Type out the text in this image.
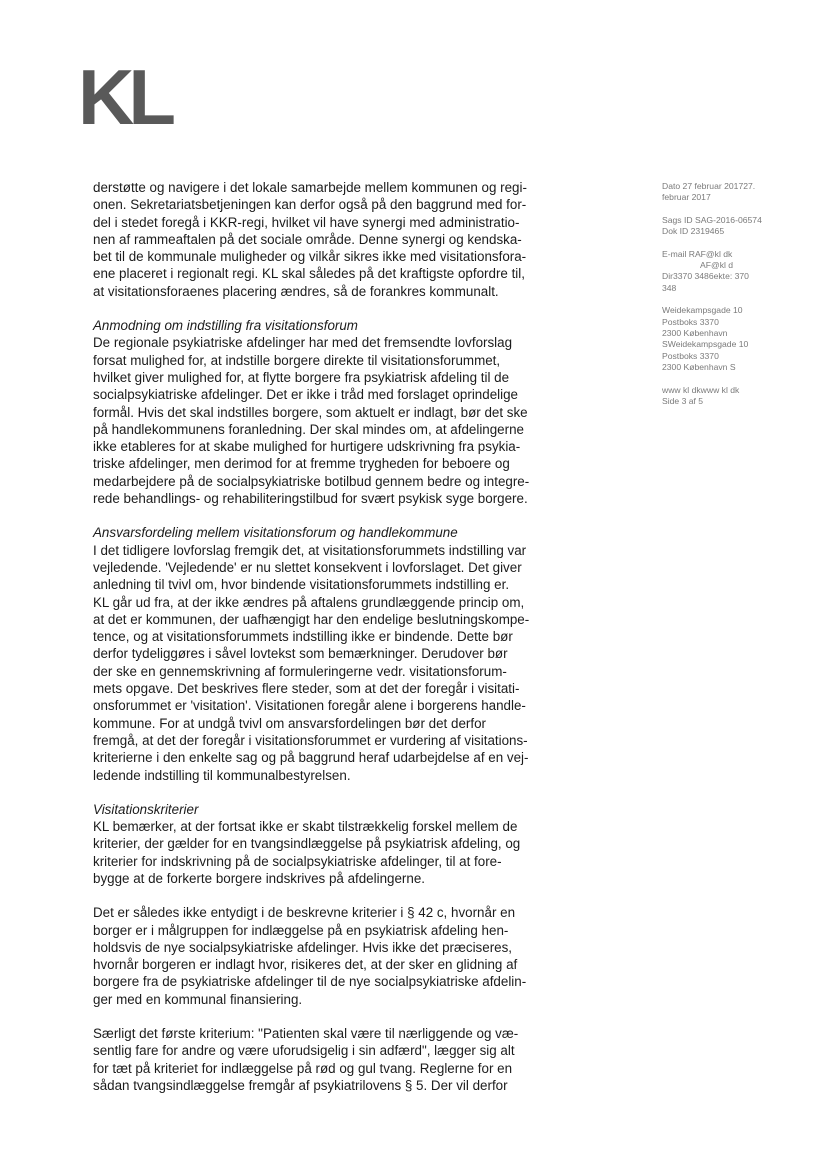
KL

Dato 27 februar 201727.

februar 2017

Sags ID SAG-2016-06574

Dok ID 2319465

E-mail RAF@kl dk

AF@kl d

Dir3370 3486ekte: 370

348

Weidekampsgade 10

Postboks 3370

2300 København

SWeidekampsgade 10

Postboks 3370

2300 København S

www kl dkwww kl dk

Side 3 af 5

derstøtte og navigere i det lokale samarbejde mellem kommunen og regi-

onen. Sekretariatsbetjeningen kan derfor også på den baggrund med for-

del i stedet foregå i KKR-regi, hvilket vil have synergi med administratio-

nen af rammeaftalen på det sociale område. Denne synergi og kendska-

bet til de kommunale muligheder og vilkår sikres ikke med visitationsfora-

ene placeret i regionalt regi. KL skal således på det kraftigste opfordre til,

at visitationsforaenes placering ændres, så de forankres kommunalt.

Anmodning om indstilling fra visitationsforum

De regionale psykiatriske afdelinger har med det fremsendte lovforslag

forsat mulighed for, at indstille borgere direkte til visitationsforummet,

hvilket giver mulighed for, at flytte borgere fra psykiatrisk afdeling til de

socialpsykiatriske afdelinger. Det er ikke i tråd med forslaget oprindelige

formål. Hvis det skal indstilles borgere, som aktuelt er indlagt, bør det ske

på handlekommunens foranledning. Der skal mindes om, at afdelingerne

ikke etableres for at skabe mulighed for hurtigere udskrivning fra psykia-

triske afdelinger, men derimod for at fremme trygheden for beboere og

medarbejdere på de socialpsykiatriske botilbud gennem bedre og integre-

rede behandlings- og rehabiliteringstilbud for svært psykisk syge borgere.

Ansvarsfordeling mellem visitationsforum og handlekommune

I det tidligere lovforslag fremgik det, at visitationsforummets indstilling var

vejledende. 'Vejledende' er nu slettet konsekvent i lovforslaget. Det giver

anledning til tvivl om, hvor bindende visitationsforummets indstilling er.

KL går ud fra, at der ikke ændres på aftalens grundlæggende princip om,

at det er kommunen, der uafhængigt har den endelige beslutningskompe-

tence, og at visitationsforummets indstilling ikke er bindende. Dette bør

derfor tydeliggøres i såvel lovtekst som bemærkninger. Derudover bør

der ske en gennemskrivning af formuleringerne vedr. visitationsforum-

mets opgave. Det beskrives flere steder, som at det der foregår i visitati-

onsforummet er 'visitation'. Visitationen foregår alene i borgerens handle-

kommune. For at undgå tvivl om ansvarsfordelingen bør det derfor

fremgå, at det der foregår i visitationsforummet er vurdering af visitations-

kriterierne i den enkelte sag og på baggrund heraf udarbejdelse af en vej-

ledende indstilling til kommunalbestyrelsen.

Visitationskriterier

KL bemærker, at der fortsat ikke er skabt tilstrækkelig forskel mellem de

kriterier, der gælder for en tvangsindlæggelse på psykiatrisk afdeling, og

kriterier for indskrivning på de socialpsykiatriske afdelinger, til at fore-

bygge at de forkerte borgere indskrives på afdelingerne.

Det er således ikke entydigt i de beskrevne kriterier i § 42 c, hvornår en

borger er i målgruppen for indlæggelse på en psykiatrisk afdeling hen-

holdsvis de nye socialpsykiatriske afdelinger. Hvis ikke det præciseres,

hvornår borgeren er indlagt hvor, risikeres det, at der sker en glidning af

borgere fra de psykiatriske afdelinger til de nye socialpsykiatriske afdelin-

ger med en kommunal finansiering.

Særligt det første kriterium: "Patienten skal være til nærliggende og væ-

sentlig fare for andre og være uforudsigelig i sin adfærd", lægger sig alt

for tæt på kriteriet for indlæggelse på rød og gul tvang. Reglerne for en

sådan tvangsindlæggelse fremgår af psykiatrilovens § 5. Der vil derfor
